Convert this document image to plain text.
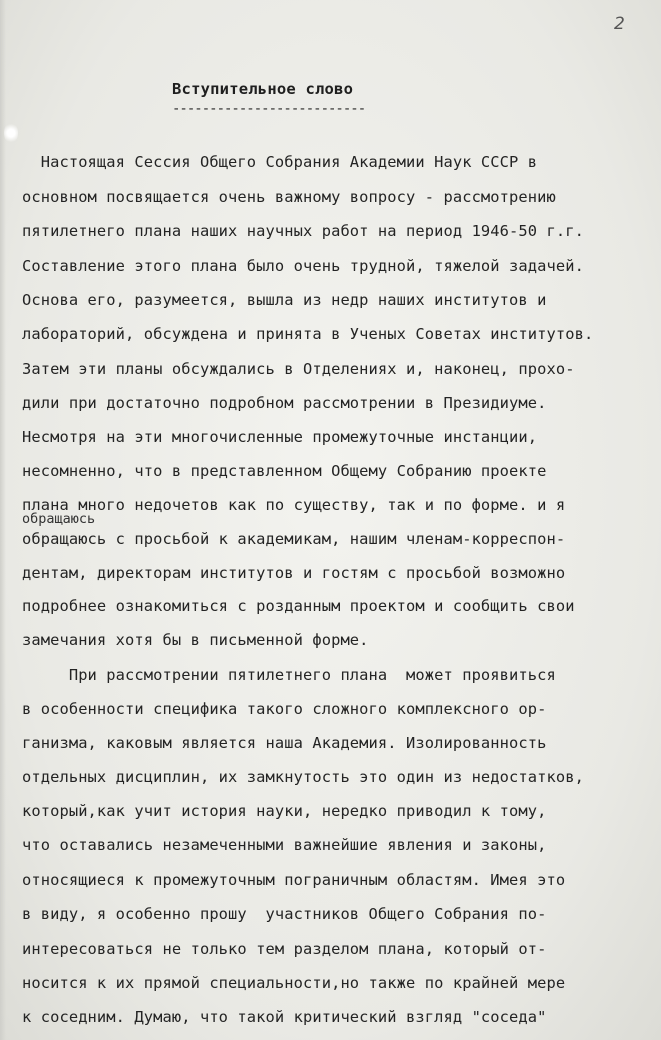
2
Вступительное слово
--------------------------
обращаюсь
Настоящая Сессия Общего Собрания Академии Наук СССР в
основном посвящается очень важному вопросу - рассмотрению
пятилетнего плана наших научных работ на период 1946-50 г.г.
Составление этого плана было очень трудной, тяжелой задачей.
Основа его, разумеется, вышла из недр наших институтов и
лабораторий, обсуждена и принята в Ученых Советах институтов.
Затем эти планы обсуждались в Отделениях и, наконец, прохо-
дили при достаточно подробном рассмотрении в Президиуме.
Несмотря на эти многочисленные промежуточные инстанции,
несомненно, что в представленном Общему Собранию проекте
плана много недочетов как по существу, так и по форме. и я
обращаюсь с просьбой к академикам, нашим членам-корреспон-
дентам, директорам институтов и гостям с просьбой возможно
подробнее ознакомиться с розданным проектом и сообщить свои
замечания хотя бы в письменной форме.
При рассмотрении пятилетнего плана  может проявиться
в особенности специфика такого сложного комплексного ор-
ганизма, каковым является наша Академия. Изолированность
отдельных дисциплин, их замкнутость это один из недостатков,
который,как учит история науки, нередко приводил к тому,
что оставались незамеченными важнейшие явления и законы,
относящиеся к промежуточным пограничным областям. Имея это
в виду, я особенно прошу  участников Общего Собрания по-
интересоваться не только тем разделом плана, который от-
носится к их прямой специальности,но также по крайней мере
к соседним. Думаю, что такой критический взгляд "соседа"
